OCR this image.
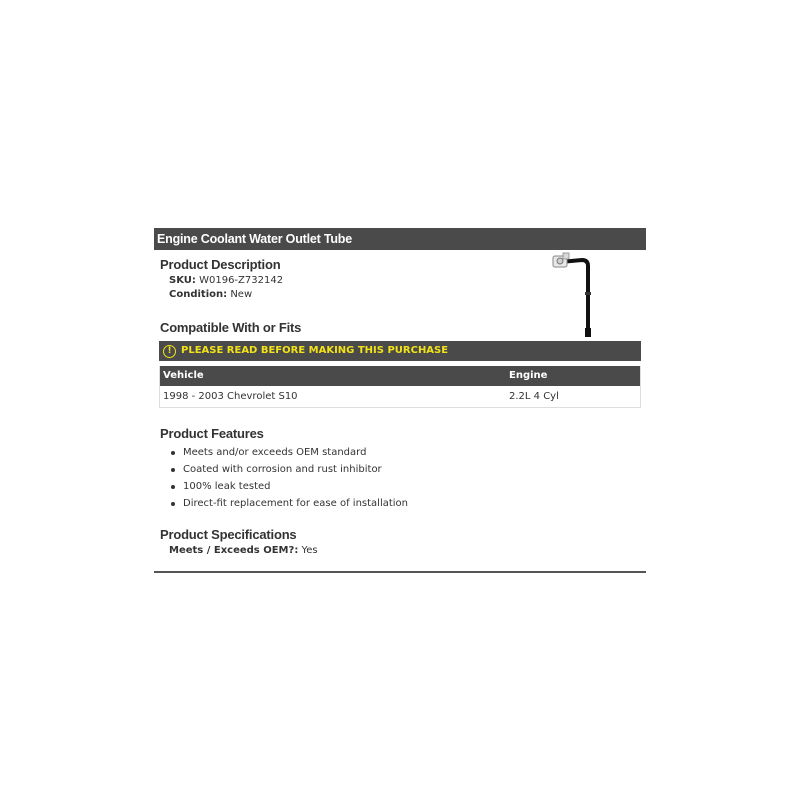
Engine Coolant Water Outlet Tube
Product Description
SKU: W0196-Z732142
Condition: New
Compatible With or Fits
! PLEASE READ BEFORE MAKING THIS PURCHASE
Vehicle	Engine
1998 - 2003 Chevrolet S10	2.2L 4 Cyl
Product Features
Meets and/or exceeds OEM standard
Coated with corrosion and rust inhibitor
100% leak tested
Direct-fit replacement for ease of installation
Product Specifications
Meets / Exceeds OEM?: Yes
